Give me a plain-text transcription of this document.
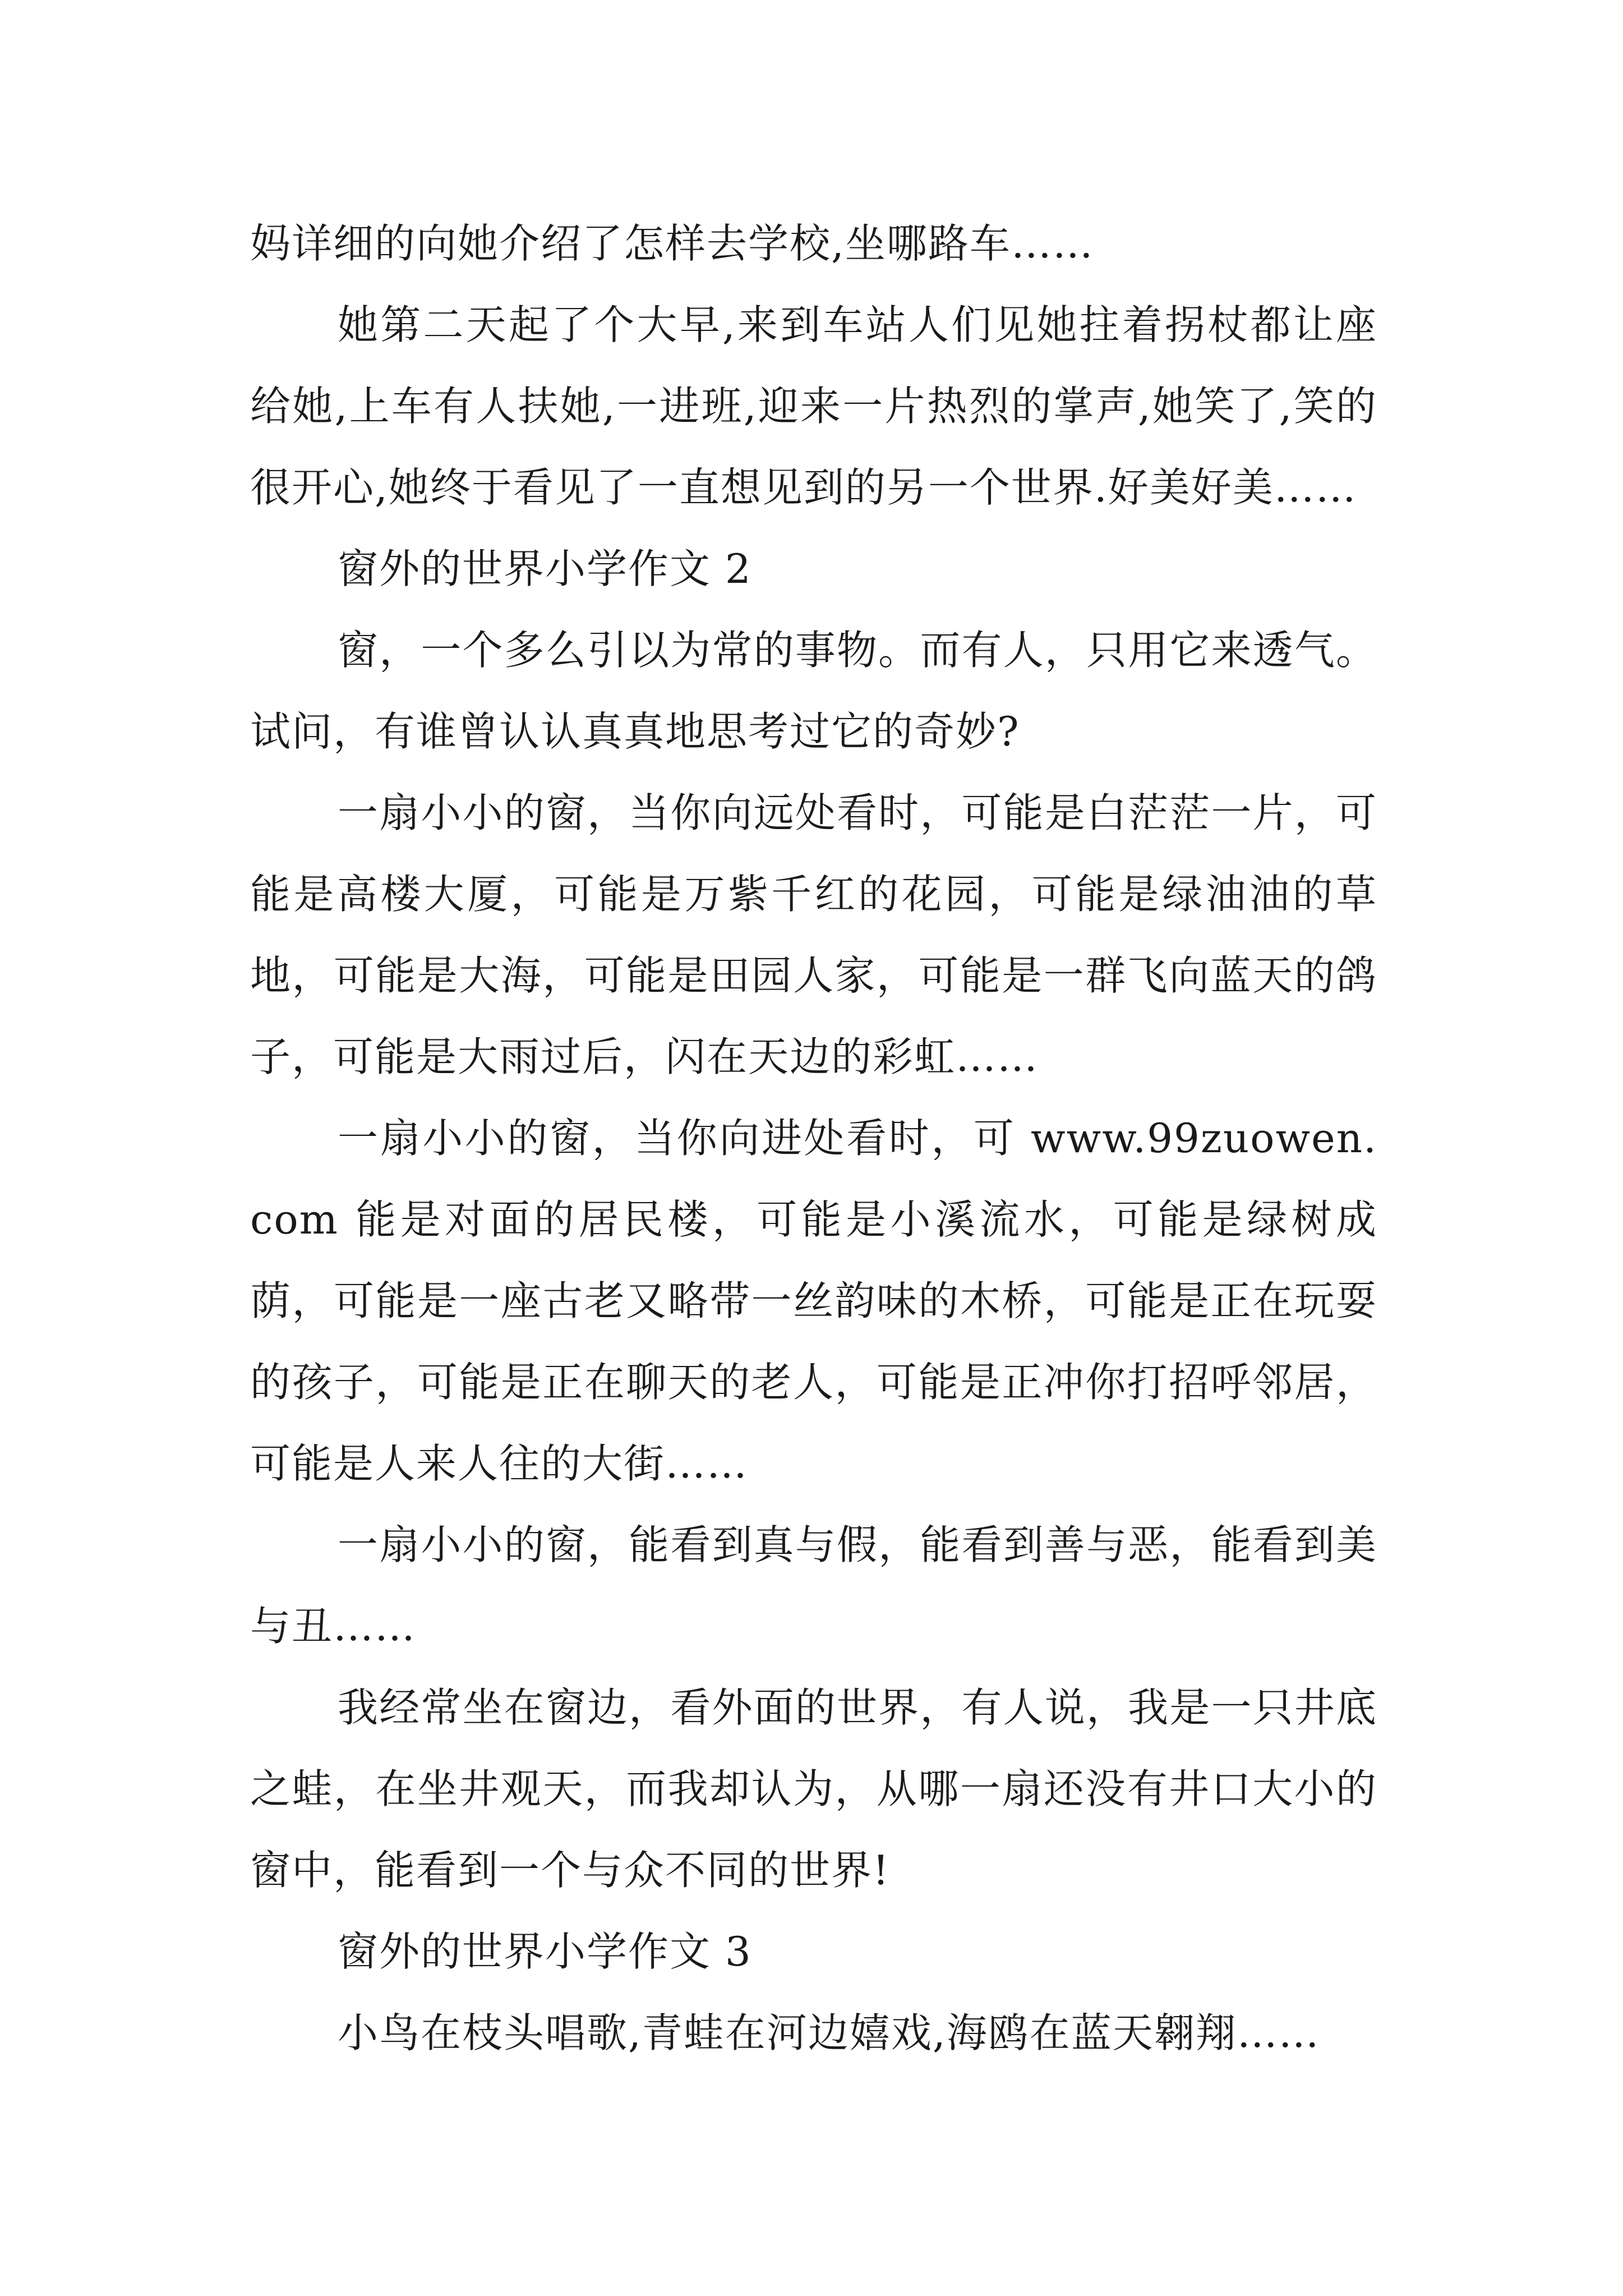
妈详细的向她介绍了怎样去学校,坐哪路车……

她第二天起了个大早,来到车站人们见她拄着拐杖都让座给她,上车有人扶她,一进班,迎来一片热烈的掌声,她笑了,笑的很开心,她终于看见了一直想见到的另一个世界.好美好美……

窗外的世界小学作文 2

窗，一个多么引以为常的事物。而有人，只用它来透气。试问，有谁曾认认真真地思考过它的奇妙?

一扇小小的窗，当你向远处看时，可能是白茫茫一片，可能是高楼大厦，可能是万紫千红的花园，可能是绿油油的草地，可能是大海，可能是田园人家，可能是一群飞向蓝天的鸽子，可能是大雨过后，闪在天边的彩虹……

一扇小小的窗，当你向进处看时，可 www.99zuowen.com 能是对面的居民楼，可能是小溪流水，可能是绿树成荫，可能是一座古老又略带一丝韵味的木桥，可能是正在玩耍的孩子，可能是正在聊天的老人，可能是正冲你打招呼邻居，可能是人来人往的大街……

一扇小小的窗，能看到真与假，能看到善与恶，能看到美与丑……

我经常坐在窗边，看外面的世界，有人说，我是一只井底之蛙，在坐井观天，而我却认为，从哪一扇还没有井口大小的窗中，能看到一个与众不同的世界!

窗外的世界小学作文 3

小鸟在枝头唱歌,青蛙在河边嬉戏,海鸥在蓝天翱翔……
